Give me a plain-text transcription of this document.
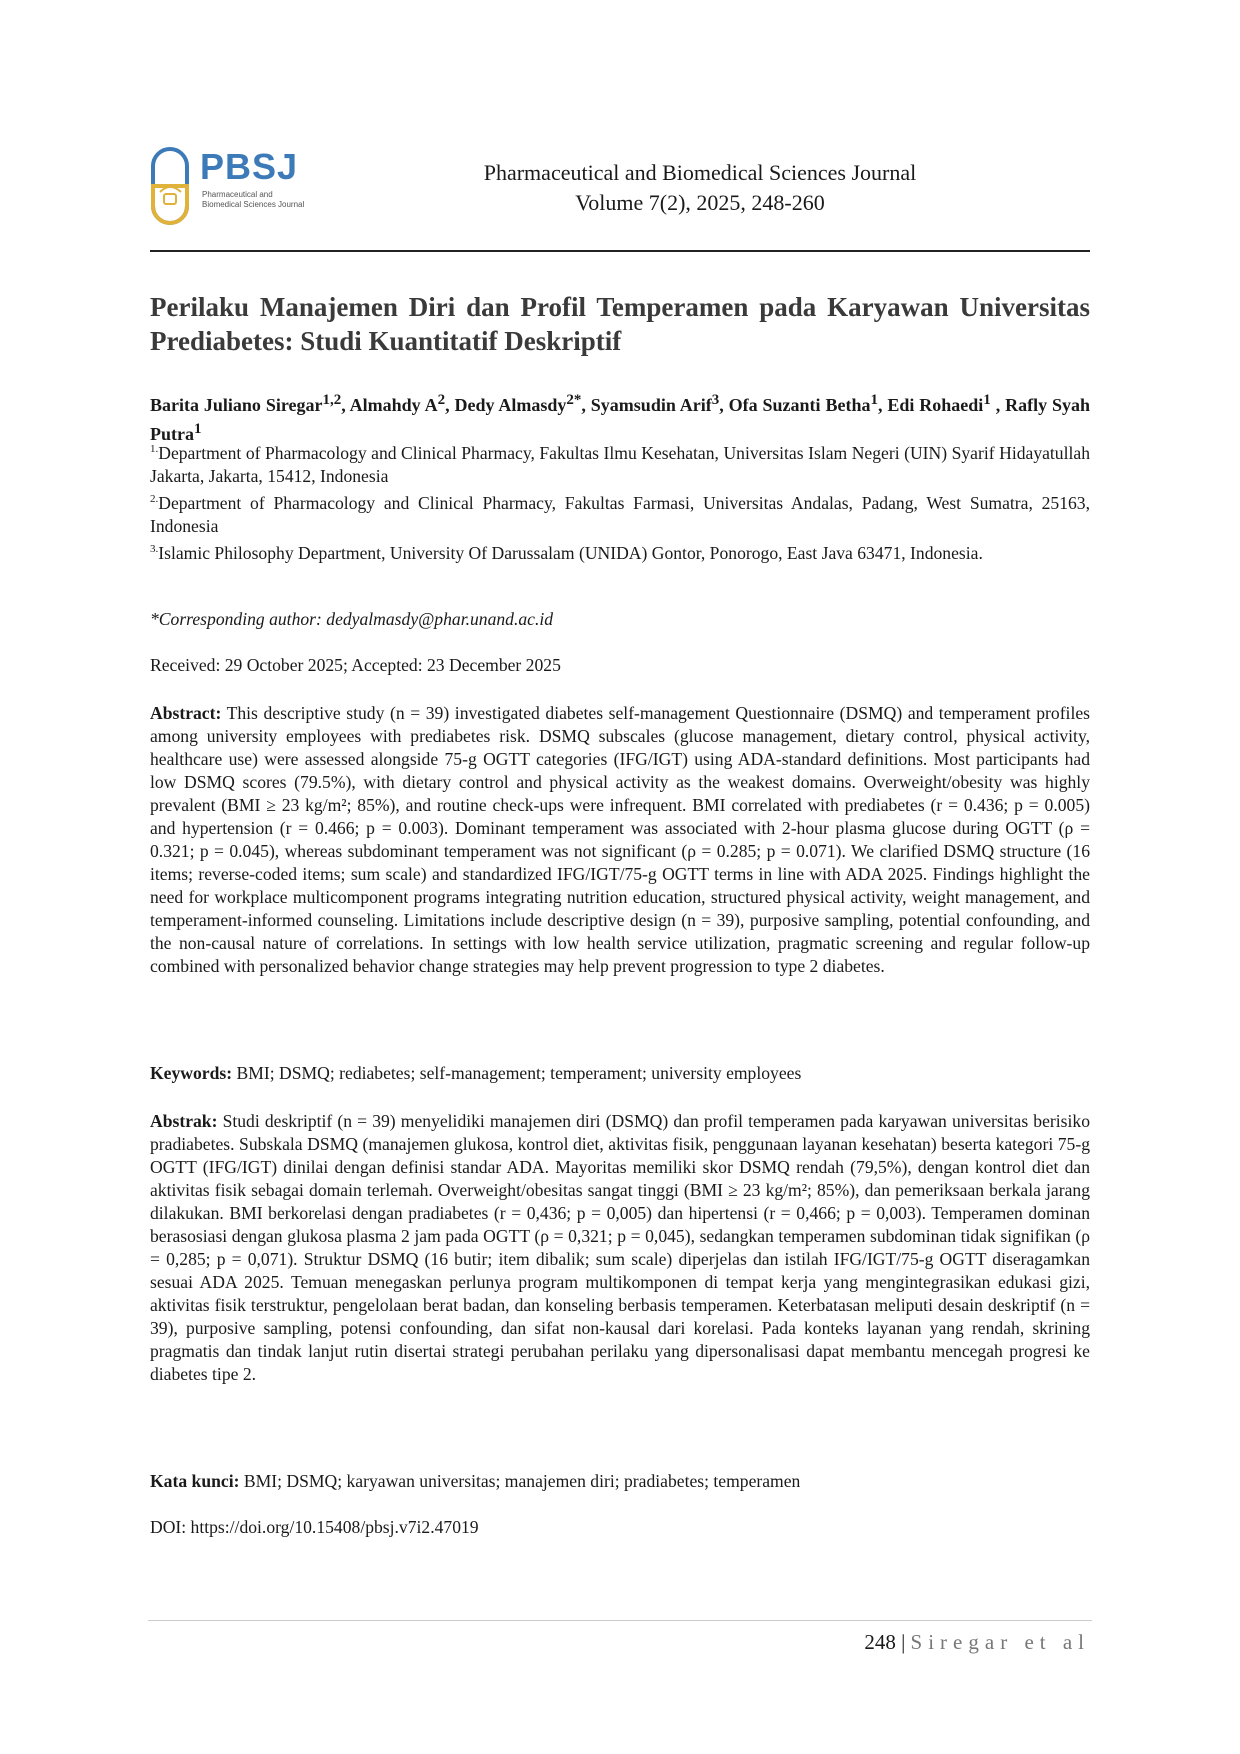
PBSJ
Pharmaceutical and
Biomedical Sciences Journal
Pharmaceutical and Biomedical Sciences Journal
Volume 7(2), 2025, 248-260
Perilaku Manajemen Diri dan Profil Temperamen pada Karyawan Universitas Prediabetes: Studi Kuantitatif Deskriptif
Barita Juliano Siregar$^{1,2}$, Almahdy $A^2$, Dedy Almasdy$^{2*}$, Syamsudin Arif$^3$, Ofa Suzanti Betha$^1$, Edi Rohaedi$^1$ , Rafly Syah Putra$^1$

$^{1.}$Department of Pharmacology and Clinical Pharmacy, Fakultas Ilmu Kesehatan, Universitas Islam Negeri (UIN) Syarif Hidayatullah Jakarta, Jakarta, 15412, Indonesia

$^{2.}$Department of Pharmacology and Clinical Pharmacy, Fakultas Farmasi, Universitas Andalas, Padang, West Sumatra, 25163, Indonesia

$^{3.}$Islamic Philosophy Department, University Of Darussalam (UNIDA) Gontor, Ponorogo, East Java 63471, Indonesia.

*Corresponding author: dedyalmasdy@phar.unand.ac.id
Received: 29 October 2025; Accepted: 23 December 2025
Abstract: This descriptive study (n = 39) investigated diabetes self-management Questionnaire (DSMQ) and temperament profiles among university employees with prediabetes risk. DSMQ subscales (glucose management, dietary control, physical activity, healthcare use) were assessed alongside 75-g OGTT categories (IFG/IGT) using ADA-standard definitions. Most participants had low DSMQ scores (79.5%), with dietary control and physical activity as the weakest domains. Overweight/obesity was highly prevalent (BMI ≥ 23 kg/m²; 85%), and routine check-ups were infrequent. BMI correlated with prediabetes (r = 0.436; p = 0.005) and hypertension (r = 0.466; p = 0.003). Dominant temperament was associated with 2-hour plasma glucose during OGTT (ρ = 0.321; p = 0.045), whereas subdominant temperament was not significant (ρ = 0.285; p = 0.071). We clarified DSMQ structure (16 items; reverse-coded items; sum scale) and standardized IFG/IGT/75-g OGTT terms in line with ADA 2025. Findings highlight the need for workplace multicomponent programs integrating nutrition education, structured physical activity, weight management, and temperament-informed counseling. Limitations include descriptive design (n = 39), purposive sampling, potential confounding, and the non-causal nature of correlations. In settings with low health service utilization, pragmatic screening and regular follow-up combined with personalized behavior change strategies may help prevent progression to type 2 diabetes.
Keywords: BMI; DSMQ; rediabetes; self-management; temperament; university employees
Abstrak: Studi deskriptif (n = 39) menyelidiki manajemen diri (DSMQ) dan profil temperamen pada karyawan universitas berisiko pradiabetes. Subskala DSMQ (manajemen glukosa, kontrol diet, aktivitas fisik, penggunaan layanan kesehatan) beserta kategori 75-g OGTT (IFG/IGT) dinilai dengan definisi standar ADA. Mayoritas memiliki skor DSMQ rendah (79,5%), dengan kontrol diet dan aktivitas fisik sebagai domain terlemah. Overweight/obesitas sangat tinggi (BMI ≥ 23 kg/m²; 85%), dan pemeriksaan berkala jarang dilakukan. BMI berkorelasi dengan pradiabetes (r = 0,436; p = 0,005) dan hipertensi (r = 0,466; p = 0,003). Temperamen dominan berasosiasi dengan glukosa plasma 2 jam pada OGTT (ρ = 0,321; p = 0,045), sedangkan temperamen subdominan tidak signifikan (ρ = 0,285; p = 0,071). Struktur DSMQ (16 butir; item dibalik; sum scale) diperjelas dan istilah IFG/IGT/75-g OGTT diseragamkan sesuai ADA 2025. Temuan menegaskan perlunya program multikomponen di tempat kerja yang mengintegrasikan edukasi gizi, aktivitas fisik terstruktur, pengelolaan berat badan, dan konseling berbasis temperamen. Keterbatasan meliputi desain deskriptif (n = 39), purposive sampling, potensi confounding, dan sifat non-kausal dari korelasi. Pada konteks layanan yang rendah, skrining pragmatis dan tindak lanjut rutin disertai strategi perubahan perilaku yang dipersonalisasi dapat membantu mencegah progresi ke diabetes tipe 2.
Kata kunci: BMI; DSMQ; karyawan universitas; manajemen diri; pradiabetes; temperamen
DOI: https://doi.org/10.15408/pbsj.v7i2.47019
248 | Siregar et al
